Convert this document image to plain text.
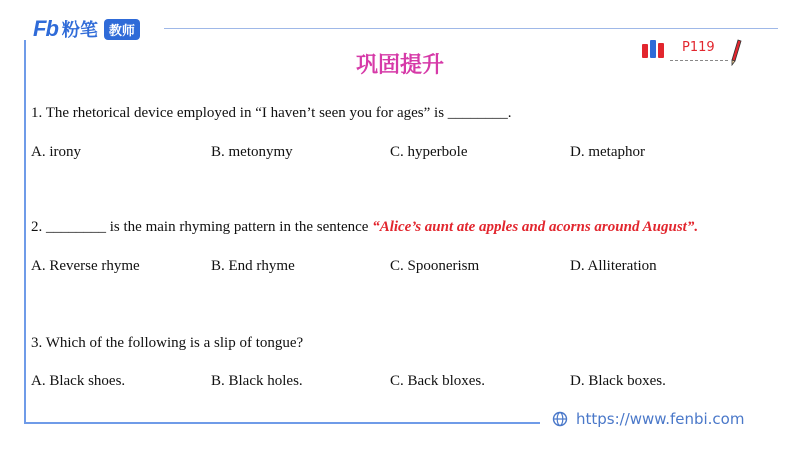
Fb 粉笔 教师
巩固提升
P119
1. The rhetorical device employed in “I haven’t seen you for ages” is ________.
A. irony	B. metonymy	C. hyperbole	D. metaphor
2. ________ is the main rhyming pattern in the sentence “Alice’s aunt ate apples and acorns around August”.
A. Reverse rhyme	B. End rhyme	C. Spoonerism	D. Alliteration
3. Which of the following is a slip of tongue?
A. Black shoes.	B. Black holes.	C. Back bloxes.	D. Black boxes.
https://www.fenbi.com
